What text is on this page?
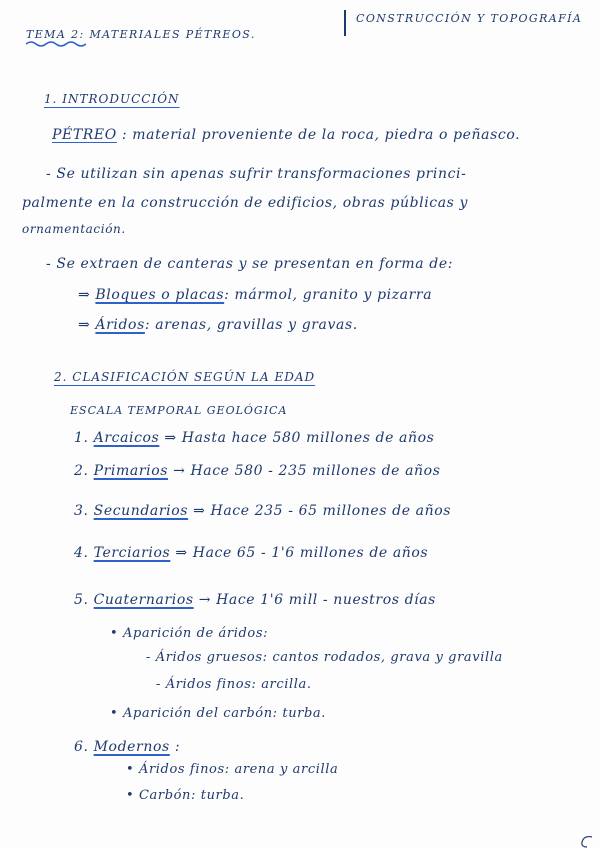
TEMA 2: MATERIALES PÉTREOS.
CONSTRUCCIÓN Y TOPOGRAFÍA
1. INTRODUCCIÓN
PÉTREO : material proveniente de la roca, piedra o peñasco.
- Se utilizan sin apenas sufrir transformaciones princi-
palmente en la construcción de edificios, obras públicas y
ornamentación.
- Se extraen de canteras y se presentan en forma de:
⇒ Bloques o placas: mármol, granito y pizarra
⇒ Áridos: arenas, gravillas y gravas.
2. CLASIFICACIÓN SEGÚN LA EDAD
ESCALA TEMPORAL GEOLÓGICA
1. Arcaicos ⇒ Hasta hace 580 millones de años
2. Primarios → Hace 580 - 235 millones de años
3. Secundarios ⇒ Hace 235 - 65 millones de años
4. Terciarios ⇒ Hace 65 - 1'6 millones de años
5. Cuaternarios → Hace 1'6 mill - nuestros días
• Aparición de áridos:
- Áridos gruesos: cantos rodados, grava y gravilla
- Áridos finos: arcilla.
• Aparición del carbón: turba.
6. Modernos :
• Áridos finos: arena y arcilla
• Carbón: turba.
